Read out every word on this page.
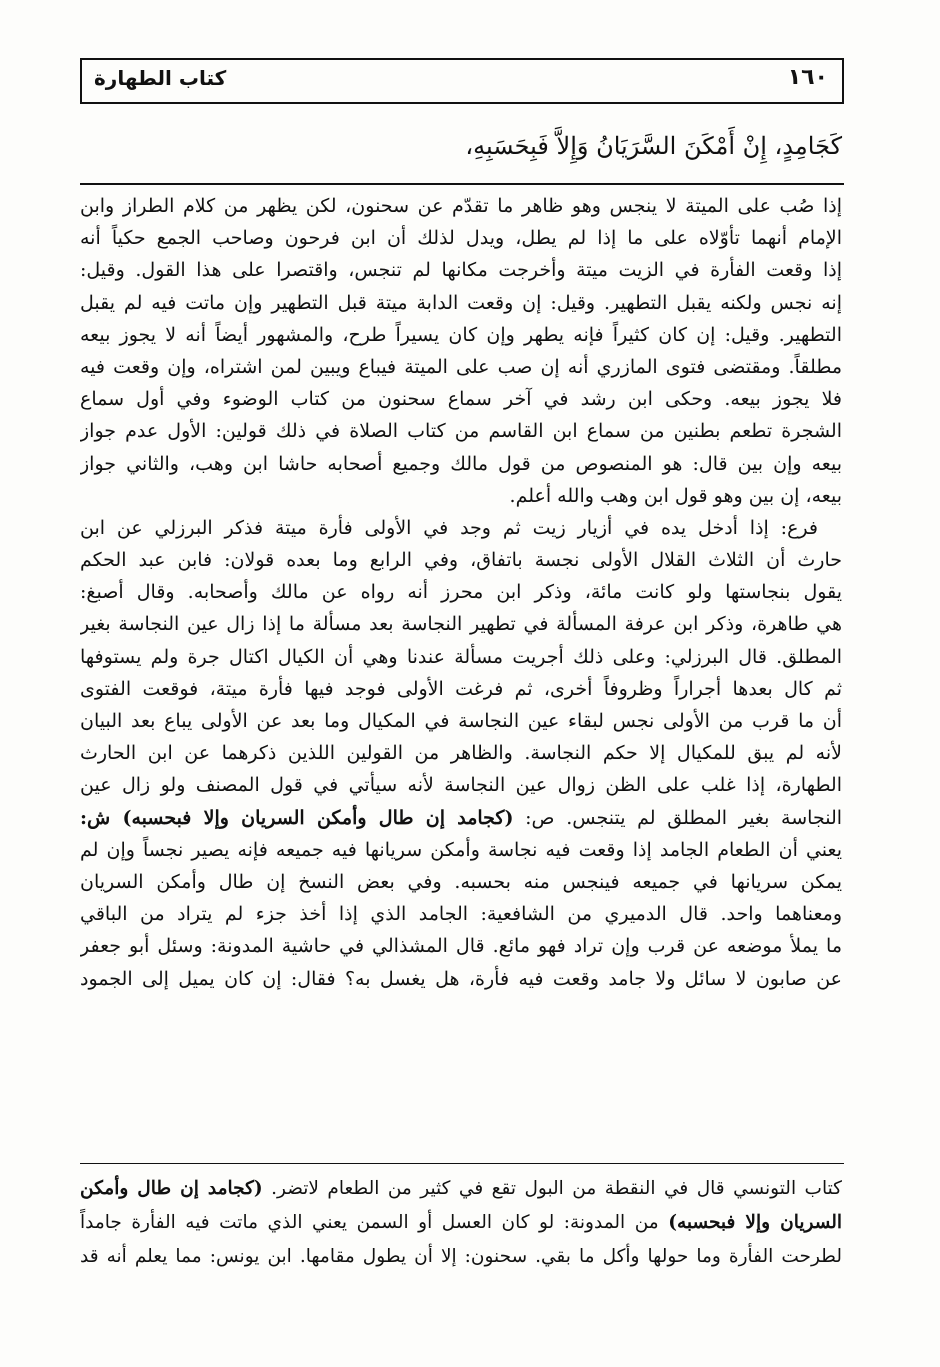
كتاب الطهارة	١٦٠
كَجَامِدٍ، إِنْ أَمْكَنَ السَّرَيَانُ وَإِلاَّ فَبِحَسَبِهِ،
إذا صُب على الميتة لا ينجس وهو ظاهر ما تقدّم عن سحنون، لكن يظهر من كلام الطراز وابن
الإمام أنهما تأوّلاه على ما إذا لم يطل، ويدل لذلك أن ابن فرحون وصاحب الجمع حكياً أنه
إذا وقعت الفأرة في الزيت ميتة وأخرجت مكانها لم تنجس، واقتصرا على هذا القول. وقيل:
إنه نجس ولكنه يقبل التطهير. وقيل: إن وقعت الدابة ميتة قبل التطهير وإن ماتت فيه لم يقبل
التطهير. وقيل: إن كان كثيراً فإنه يطهر وإن كان يسيراً طرح، والمشهور أيضاً أنه لا يجوز بيعه
مطلقاً. ومقتضى فتوى المازري أنه إن صب على الميتة فيباع ويبين لمن اشتراه، وإن وقعت فيه
فلا يجوز بيعه. وحكى ابن رشد في آخر سماع سحنون من كتاب الوضوء وفي أول سماع
الشجرة تطعم بطنين من سماع ابن القاسم من كتاب الصلاة في ذلك قولين: الأول عدم جواز
بيعه وإن بين قال: هو المنصوص من قول مالك وجميع أصحابه حاشا ابن وهب، والثاني جواز
بيعه، إن بين وهو قول ابن وهب والله أعلم.
فرع: إذا أدخل يده في أزيار زيت ثم وجد في الأولى فأرة ميتة فذكر البرزلي عن ابن
حارث أن الثلاث القلال الأولى نجسة باتفاق، وفي الرابع وما بعده قولان: فابن عبد الحكم
يقول بنجاستها ولو كانت مائة، وذكر ابن محرز أنه رواه عن مالك وأصحابه. وقال أصبغ:
هي طاهرة، وذكر ابن عرفة المسألة في تطهير النجاسة بعد مسألة ما إذا زال عين النجاسة بغير
المطلق. قال البرزلي: وعلى ذلك أجريت مسألة عندنا وهي أن الكيال اكتال جرة ولم يستوفها
ثم كال بعدها أجراراً وظروفاً أخرى، ثم فرغت الأولى فوجد فيها فأرة ميتة، فوقعت الفتوى
أن ما قرب من الأولى نجس لبقاء عين النجاسة في المكيال وما بعد عن الأولى يباع بعد البيان
لأنه لم يبق للمكيال إلا حكم النجاسة. والظاهر من القولين اللذين ذكرهما عن ابن الحارث
الطهارة، إذا غلب على الظن زوال عين النجاسة لأنه سيأتي في قول المصنف ولو زال عين
النجاسة بغير المطلق لم يتنجس. ص: (كجامد إن طال وأمكن السريان وإلا فبحسبه) ش:
يعني أن الطعام الجامد إذا وقعت فيه نجاسة وأمكن سريانها فيه جميعه فإنه يصير نجساً وإن لم
يمكن سريانها في جميعه فينجس منه بحسبه. وفي بعض النسخ إن طال وأمكن السريان
ومعناهما واحد. قال الدميري من الشافعية: الجامد الذي إذا أخذ جزء لم يتراد من الباقي
ما يملأ موضعه عن قرب وإن تراد فهو مائع. قال المشذالي في حاشية المدونة: وسئل أبو جعفر
عن صابون لا سائل ولا جامد وقعت فيه فأرة، هل يغسل به؟ فقال: إن كان يميل إلى الجمود
كتاب التونسي قال في النقطة من البول تقع في كثير من الطعام لاتضر. (كجامد إن طال وأمكن
السريان وإلا فبحسبه) من المدونة: لو كان العسل أو السمن يعني الذي ماتت فيه الفأرة جامداً
لطرحت الفأرة وما حولها وأكل ما بقي. سحنون: إلا أن يطول مقامها. ابن يونس: مما يعلم أنه قد
